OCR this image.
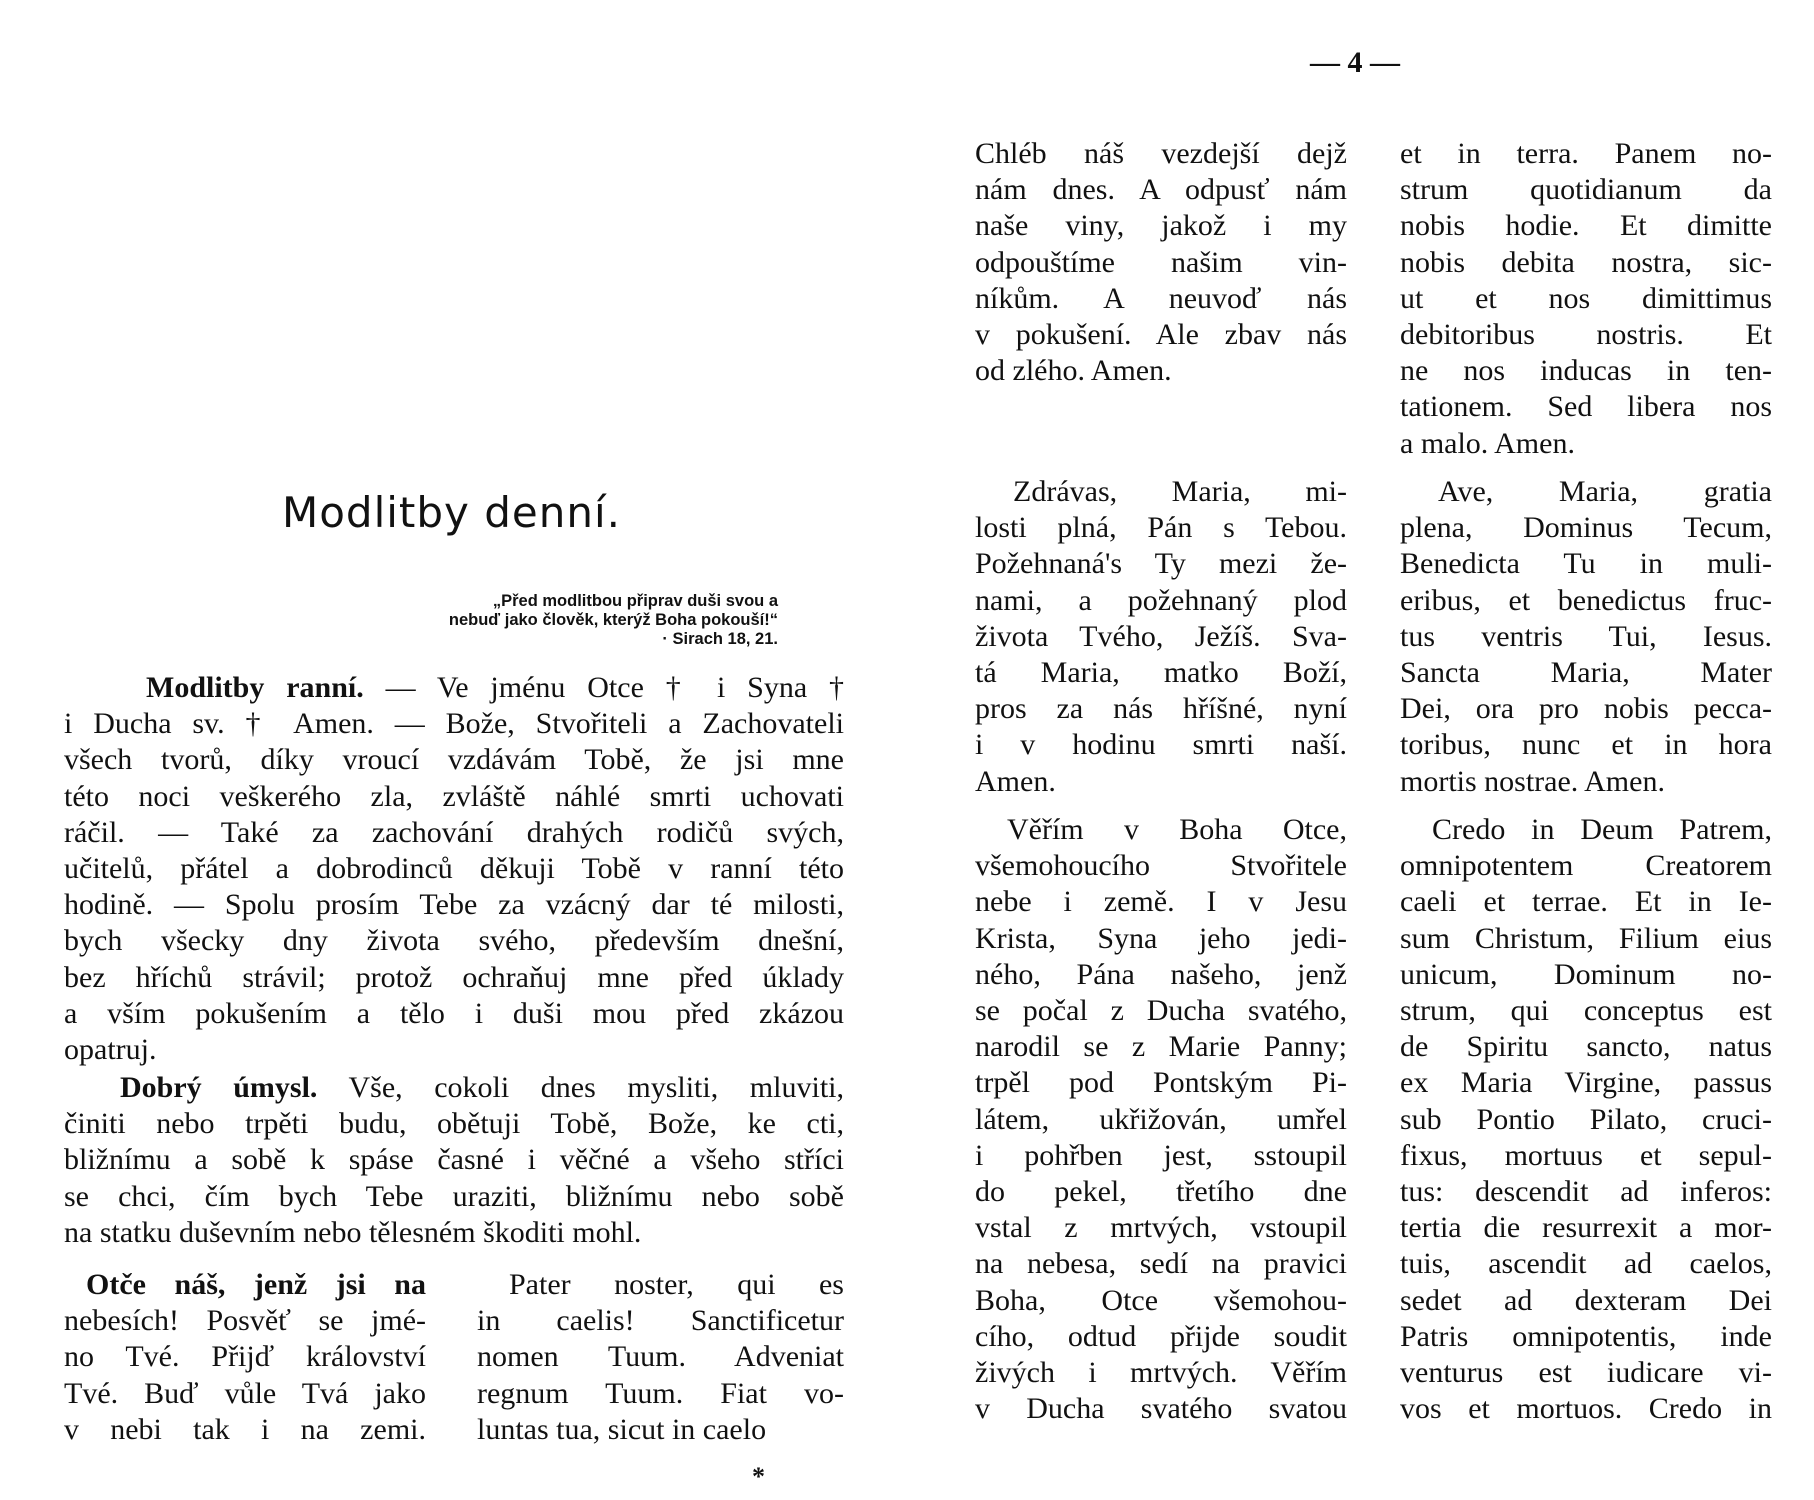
— 4 —
Modlitby denní.
„Před modlitbou připrav duši svou a
nebuď jako člověk, kterýž Boha pokouší!“
· Sirach 18, 21.
Modlitby ranní. — Ve jménu Otce † i Syna †
i Ducha sv. † Amen. — Bože, Stvořiteli a Zachovateli
všech tvorů, díky vroucí vzdávám Tobě, že jsi mne
této noci veškerého zla, zvláště náhlé smrti uchovati
ráčil. — Také za zachování drahých rodičů svých,
učitelů, přátel a dobrodinců děkuji Tobě v ranní této
hodině. — Spolu prosím Tebe za vzácný dar té milosti,
bych všecky dny života svého, především dnešní,
bez hříchů strávil; protož ochraňuj mne před úklady
a vším pokušením a tělo i duši mou před zkázou
opatruj.
Dobrý úmysl. Vše, cokoli dnes mysliti, mluviti,
činiti nebo trpěti budu, obětuji Tobě, Bože, ke cti,
bližnímu a sobě k spáse časné i věčné a všeho stříci
se chci, čím bych Tebe uraziti, bližnímu nebo sobě
na statku duševním nebo tělesném škoditi mohl.
Otče náš, jenž jsi na
nebesích! Posvěť se jmé-
no Tvé. Přijď království
Tvé. Buď vůle Tvá jako
v nebi tak i na zemi.
Pater noster, qui es
in caelis! Sanctificetur
nomen Tuum. Adveniat
regnum Tuum. Fiat vo-
luntas tua, sicut in caelo
*
Chléb náš vezdejší dejž
nám dnes. A odpusť nám
naše viny, jakož i my
odpouštíme našim vin-
níkům. A neuvoď nás
v pokušení. Ale zbav nás
od zlého. Amen.
Zdrávas, Maria, mi-
losti plná, Pán s Tebou.
Požehnaná's Ty mezi že-
nami, a požehnaný plod
života Tvého, Ježíš. Sva-
tá Maria, matko Boží,
pros za nás hříšné, nyní
i v hodinu smrti naší.
Amen.
Věřím v Boha Otce,
všemohoucího Stvořitele
nebe i země. I v Jesu
Krista, Syna jeho jedi-
ného, Pána našeho, jenž
se počal z Ducha svatého,
narodil se z Marie Panny;
trpěl pod Pontským Pi-
látem, ukřižován, umřel
i pohřben jest, sstoupil
do pekel, třetího dne
vstal z mrtvých, vstoupil
na nebesa, sedí na pravici
Boha, Otce všemohou-
cího, odtud přijde soudit
živých i mrtvých. Věřím
v Ducha svatého svatou
et in terra. Panem no-
strum quotidianum da
nobis hodie. Et dimitte
nobis debita nostra, sic-
ut et nos dimittimus
debitoribus nostris. Et
ne nos inducas in ten-
tationem. Sed libera nos
a malo. Amen.
Ave, Maria, gratia
plena, Dominus Tecum,
Benedicta Tu in muli-
eribus, et benedictus fruc-
tus ventris Tui, Iesus.
Sancta Maria, Mater
Dei, ora pro nobis pecca-
toribus, nunc et in hora
mortis nostrae. Amen.
Credo in Deum Patrem,
omnipotentem Creatorem
caeli et terrae. Et in Ie-
sum Christum, Filium eius
unicum, Dominum no-
strum, qui conceptus est
de Spiritu sancto, natus
ex Maria Virgine, passus
sub Pontio Pilato, cruci-
fixus, mortuus et sepul-
tus: descendit ad inferos:
tertia die resurrexit a mor-
tuis, ascendit ad caelos,
sedet ad dexteram Dei
Patris omnipotentis, inde
venturus est iudicare vi-
vos et mortuos. Credo in
